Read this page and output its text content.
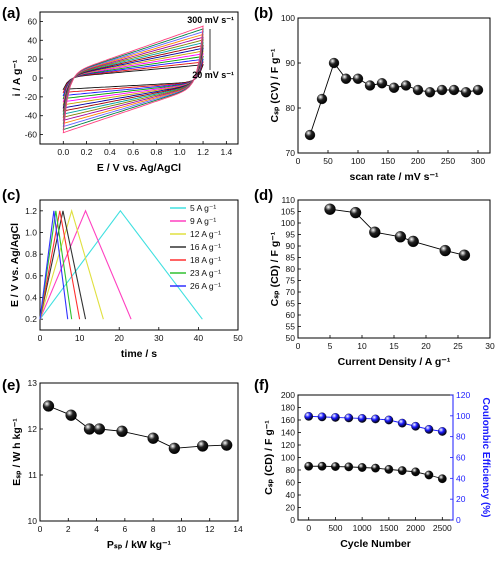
(a)	(b)
(c)	(d)
(e)	(f)
0.0 0.2 0.4 0.6 0.8 1.0 1.2 1.4
-60
-40
-20
0
20
40
60
E / V vs. Ag/AgCl
i / A g⁻¹
300 mV s⁻¹
20 mV s⁻¹
0	50 100 150 200 250 300
70
80
90
100
scan rate / mV s⁻¹
Cₛₚ (CV) / F g⁻¹
0	10	20	30	40	50
0.2
0.4
0.6
0.8
1.0
1.2
time / s
E / V vs. Ag/AgCl
5 A g⁻¹
9 A g⁻¹
12 A g⁻¹
16 A g⁻¹
18 A g⁻¹
23 A g⁻¹
26 A g⁻¹
0	5	10	15	20	25	30
50
55
60
65
70
75
80
85
90
95
100
105
110
Current Density / A g⁻¹
Cₛₚ (CD) / F g⁻¹
0	2	4	6	8 10 12 14
10
11
12
13
Pₛₚ / kW kg⁻¹
Eₛₚ / W h kg⁻¹
0 500 1000 1500 2000 2500
0
20
40
60
80
100
120
140
160
180
200
Cycle Number
Cₛₚ (CD) / F g⁻¹
0
20
40
60
80
100
120
Coulombic Efficiency (%)
